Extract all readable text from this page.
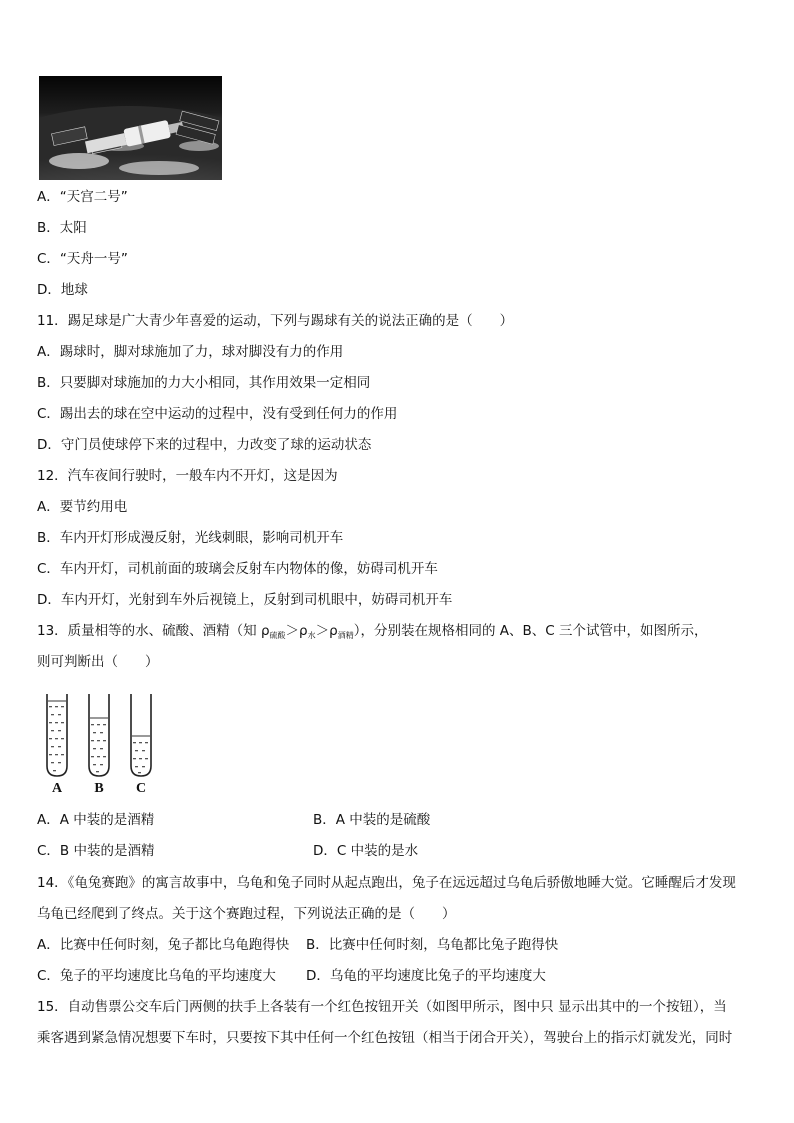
A．“天宫二号”
B．太阳
C．“天舟一号”
D．地球
11．踢足球是广大青少年喜爱的运动，下列与踢球有关的说法正确的是（　　）
A．踢球时，脚对球施加了力，球对脚没有力的作用
B．只要脚对球施加的力大小相同，其作用效果一定相同
C．踢出去的球在空中运动的过程中，没有受到任何力的作用
D．守门员使球停下来的过程中，力改变了球的运动状态
12．汽车夜间行驶时，一般车内不开灯，这是因为
A．要节约用电
B．车内开灯形成漫反射，光线刺眼，影响司机开车
C．车内开灯，司机前面的玻璃会反射车内物体的像，妨碍司机开车
D．车内开灯，光射到车外后视镜上，反射到司机眼中，妨碍司机开车
13．质量相等的水、硫酸、酒精（知 $\rho_{硫酸}>\rho_水>\rho_{酒精}$），分别装在规格相同的 A、B、C 三个试管中，如图所示，
则可判断出（　　）
A B C
A．A 中装的是酒精	B．A 中装的是硫酸
C．B 中装的是酒精	D．C 中装的是水
14．《龟兔赛跑》的寓言故事中，乌龟和兔子同时从起点跑出，兔子在远远超过乌龟后骄傲地睡大觉。它睡醒后才发现
乌龟已经爬到了终点。关于这个赛跑过程，下列说法正确的是（　　）
A．比赛中任何时刻，兔子都比乌龟跑得快 B．比赛中任何时刻，乌龟都比兔子跑得快
C．兔子的平均速度比乌龟的平均速度大 D．乌龟的平均速度比兔子的平均速度大
15．自动售票公交车后门两侧的扶手上各装有一个红色按钮开关（如图甲所示，图中只 显示出其中的一个按钮），当
乘客遇到紧急情况想要下车时，只要按下其中任何一个红色按钮（相当于闭合开关），驾驶台上的指示灯就发光，同时
